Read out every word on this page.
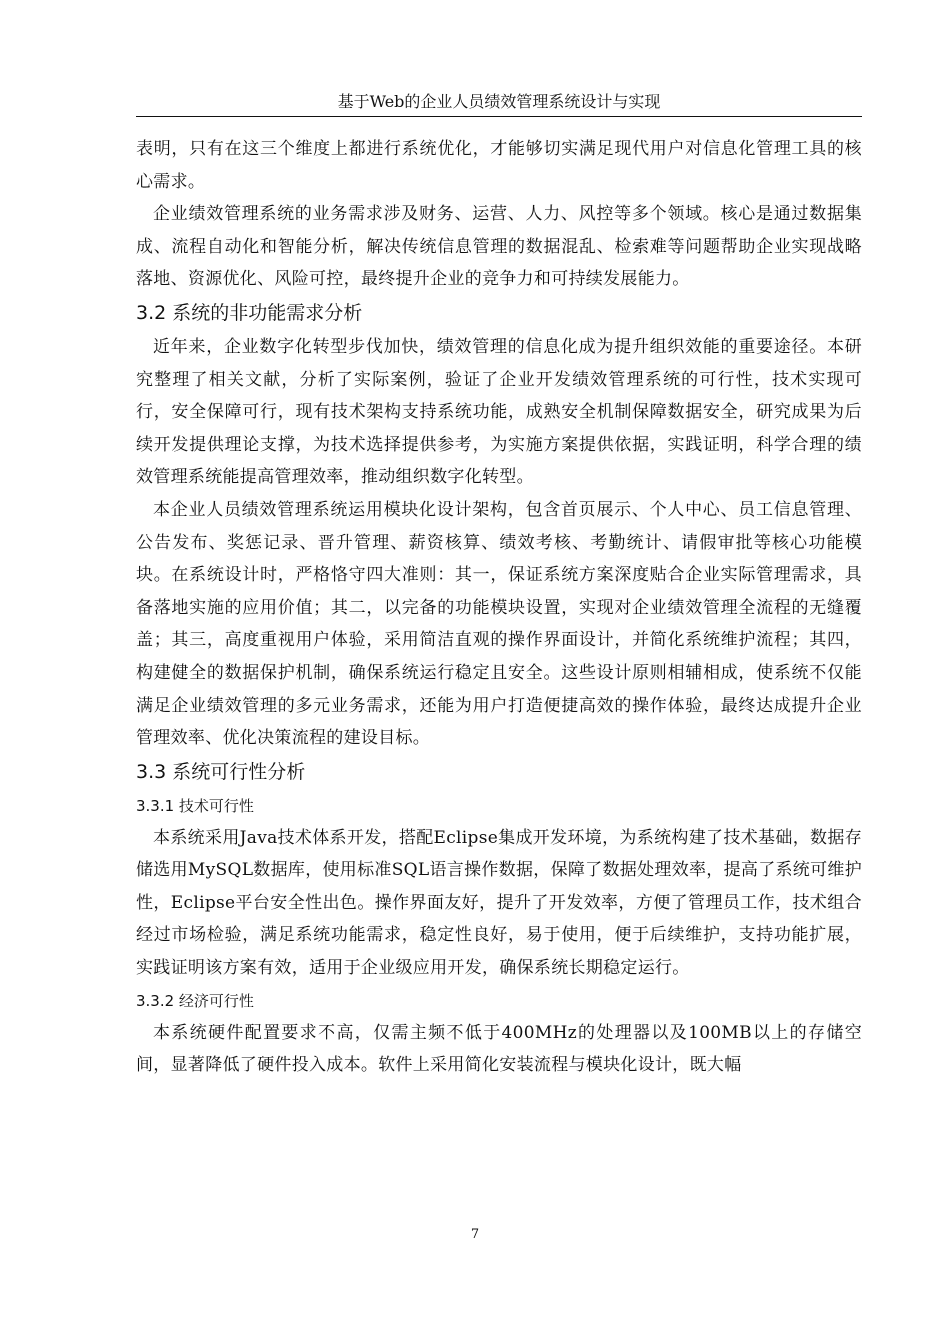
基于Web的企业人员绩效管理系统设计与实现

表明，只有在这三个维度上都进行系统优化，才能够切实满足现代用户对信息化管理工具的核心需求。

企业绩效管理系统的业务需求涉及财务、运营、人力、风控等多个领域。核心是通过数据集成、流程自动化和智能分析，解决传统信息管理的数据混乱、检索难等问题帮助企业实现战略落地、资源优化、风险可控，最终提升企业的竞争力和可持续发展能力。

3.2 系统的非功能需求分析

近年来，企业数字化转型步伐加快，绩效管理的信息化成为提升组织效能的重要途径。本研究整理了相关文献，分析了实际案例，验证了企业开发绩效管理系统的可行性，技术实现可行，安全保障可行，现有技术架构支持系统功能，成熟安全机制保障数据安全，研究成果为后续开发提供理论支撑，为技术选择提供参考，为实施方案提供依据，实践证明，科学合理的绩效管理系统能提高管理效率，推动组织数字化转型。

本企业人员绩效管理系统运用模块化设计架构，包含首页展示、个人中心、员工信息管理、公告发布、奖惩记录、晋升管理、薪资核算、绩效考核、考勤统计、请假审批等核心功能模块。在系统设计时，严格恪守四大准则：其一，保证系统方案深度贴合企业实际管理需求，具备落地实施的应用价值；其二，以完备的功能模块设置，实现对企业绩效管理全流程的无缝覆盖；其三，高度重视用户体验，采用简洁直观的操作界面设计，并简化系统维护流程；其四，构建健全的数据保护机制，确保系统运行稳定且安全。这些设计原则相辅相成，使系统不仅能满足企业绩效管理的多元业务需求，还能为用户打造便捷高效的操作体验，最终达成提升企业管理效率、优化决策流程的建设目标。

3.3 系统可行性分析
3.3.1 技术可行性

本系统采用Java技术体系开发，搭配Eclipse集成开发环境，为系统构建了技术基础，数据存储选用MySQL数据库，使用标准SQL语言操作数据，保障了数据处理效率，提高了系统可维护性，Eclipse平台安全性出色。操作界面友好，提升了开发效率，方便了管理员工作，技术组合经过市场检验，满足系统功能需求，稳定性良好，易于使用，便于后续维护，支持功能扩展，实践证明该方案有效，适用于企业级应用开发，确保系统长期稳定运行。

3.3.2 经济可行性

本系统硬件配置要求不高，仅需主频不低于400MHz的处理器以及100MB以上的存储空间，显著降低了硬件投入成本。软件上采用简化安装流程与模块化设计，既大幅

7
